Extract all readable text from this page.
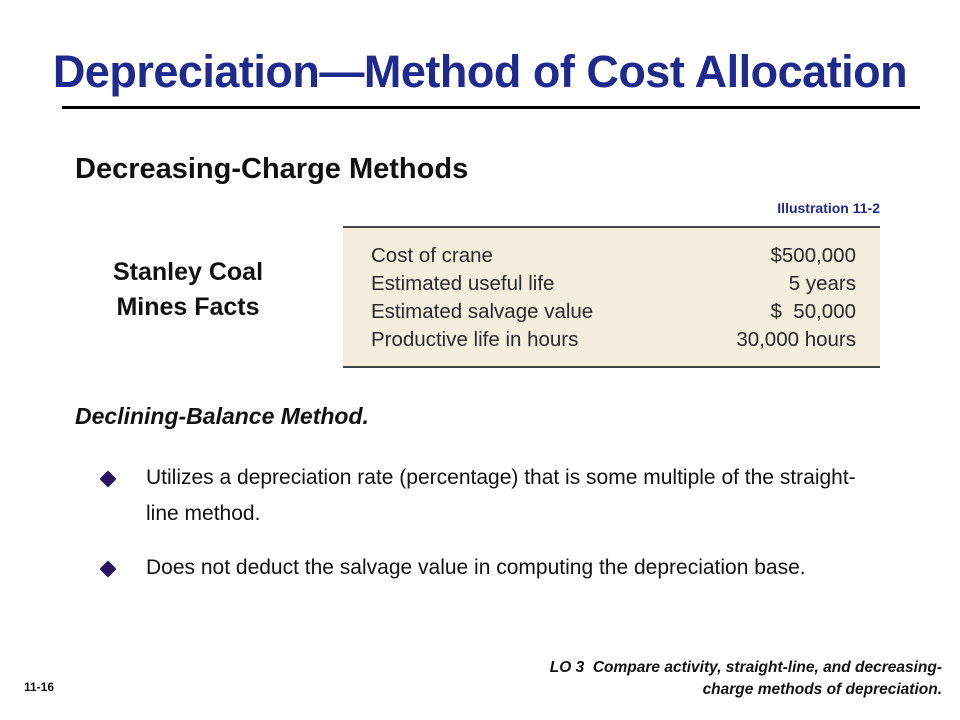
Depreciation—Method of Cost Allocation
Decreasing-Charge Methods
Illustration 11-2
Stanley Coal
Mines Facts
Cost of crane	$500,000
Estimated useful life	5 years
Estimated salvage value	$  50,000
Productive life in hours	30,000 hours
Declining-Balance Method.
Utilizes a depreciation rate (percentage) that is some multiple of the straight-line method.
Does not deduct the salvage value in computing the depreciation base.
11-16
LO 3  Compare activity, straight-line, and decreasing-
charge methods of depreciation.
